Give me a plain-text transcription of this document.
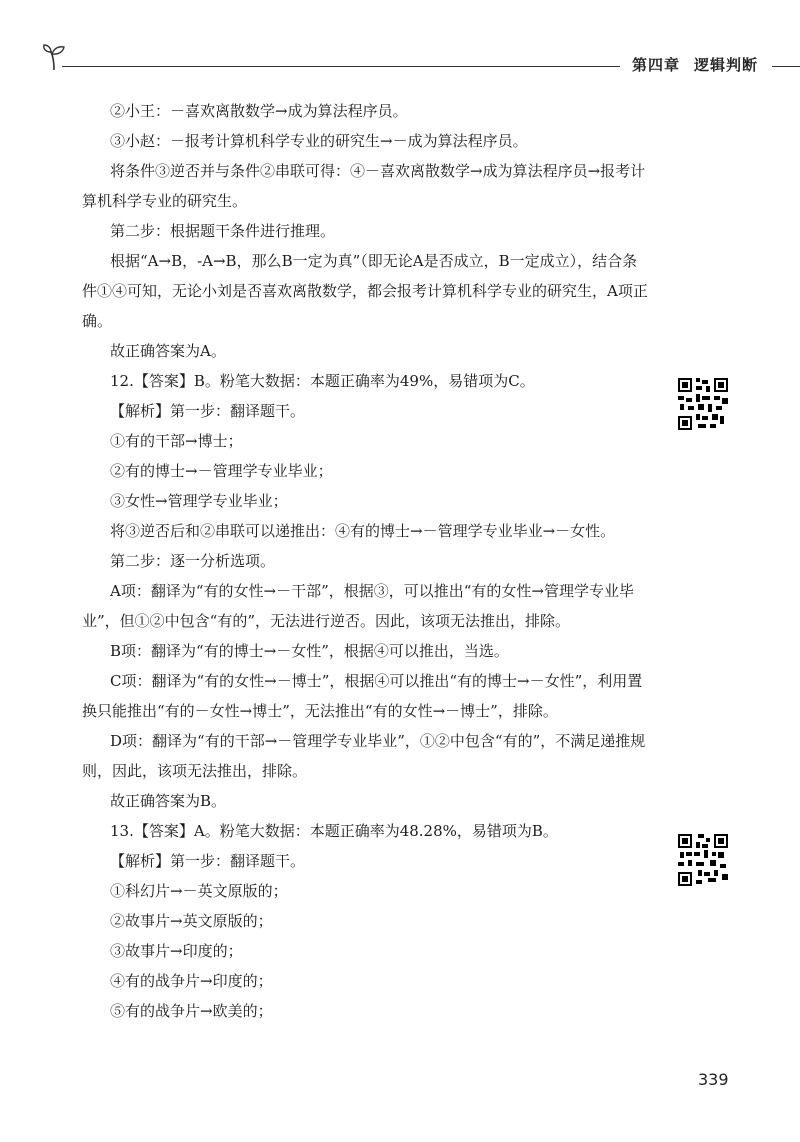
第四章 逻辑判断

②小王：－喜欢离散数学→成为算法程序员。

③小赵：－报考计算机科学专业的研究生→－成为算法程序员。

将条件③逆否并与条件②串联可得：④－喜欢离散数学→成为算法程序员→报考计算机科学专业的研究生。

第二步：根据题干条件进行推理。

根据“A→B，-A→B，那么B一定为真”（即无论A是否成立，B一定成立），结合条件①④可知，无论小刘是否喜欢离散数学，都会报考计算机科学专业的研究生，A项正确。

故正确答案为A。

12.【答案】B。粉笔大数据：本题正确率为49%，易错项为C。

【解析】第一步：翻译题干。

①有的干部→博士；

②有的博士→－管理学专业毕业；

③女性→管理学专业毕业；

将③逆否后和②串联可以递推出：④有的博士→－管理学专业毕业→－女性。

第二步：逐一分析选项。

A项：翻译为“有的女性→－干部”，根据③，可以推出“有的女性→管理学专业毕业”，但①②中包含“有的”，无法进行逆否。因此，该项无法推出，排除。

B项：翻译为“有的博士→－女性”，根据④可以推出，当选。

C项：翻译为“有的女性→－博士”，根据④可以推出“有的博士→－女性”，利用置换只能推出“有的－女性→博士”，无法推出“有的女性→－博士”，排除。

D项：翻译为“有的干部→－管理学专业毕业”，①②中包含“有的”，不满足递推规则，因此，该项无法推出，排除。

故正确答案为B。

13.【答案】A。粉笔大数据：本题正确率为48.28%，易错项为B。

【解析】第一步：翻译题干。

①科幻片→－英文原版的；

②故事片→英文原版的；

③故事片→印度的；

④有的战争片→印度的；

⑤有的战争片→欧美的；

339
